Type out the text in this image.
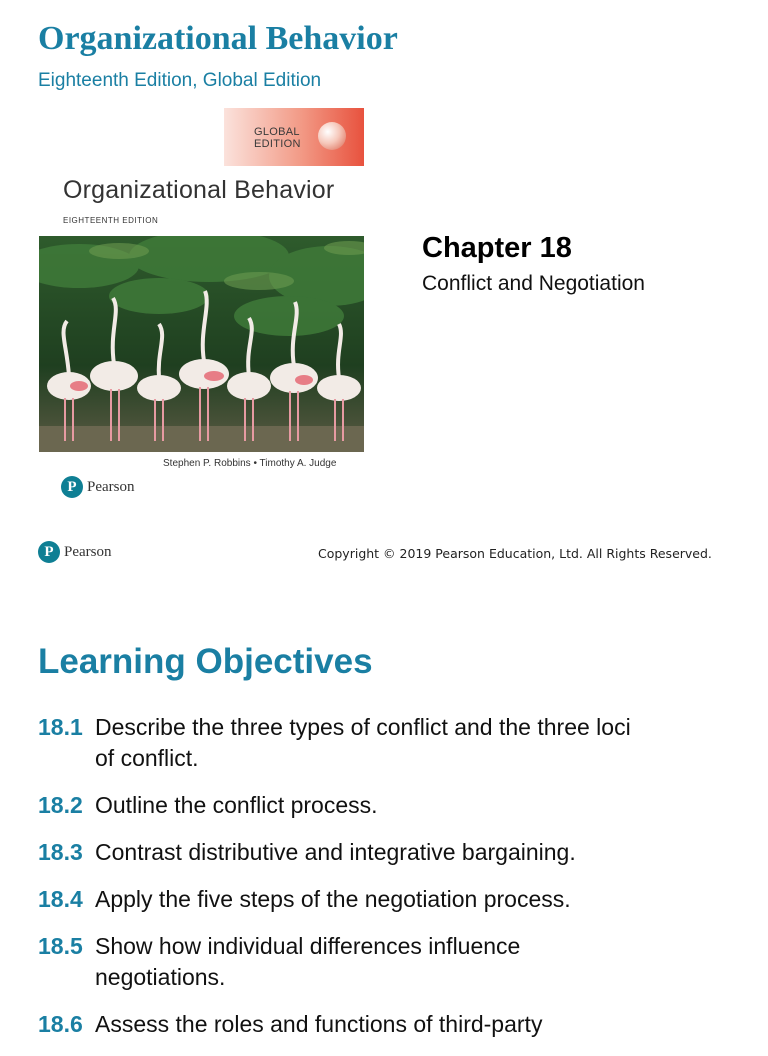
Organizational Behavior
Eighteenth Edition, Global Edition
GLOBAL
EDITION
Organizational Behavior
EIGHTEENTH EDITION
Stephen P. Robbins • Timothy A. Judge
P Pearson
Chapter 18
Conflict and Negotiation
P Pearson	Copyright © 2019 Pearson Education, Ltd. All Rights Reserved.
Learning Objectives
18.1 Describe the three types of conflict and the three loci of conflict.
18.2 Outline the conflict process.
18.3 Contrast distributive and integrative bargaining.
18.4 Apply the five steps of the negotiation process.
18.5 Show how individual differences influence negotiations.
18.6 Assess the roles and functions of third-party
